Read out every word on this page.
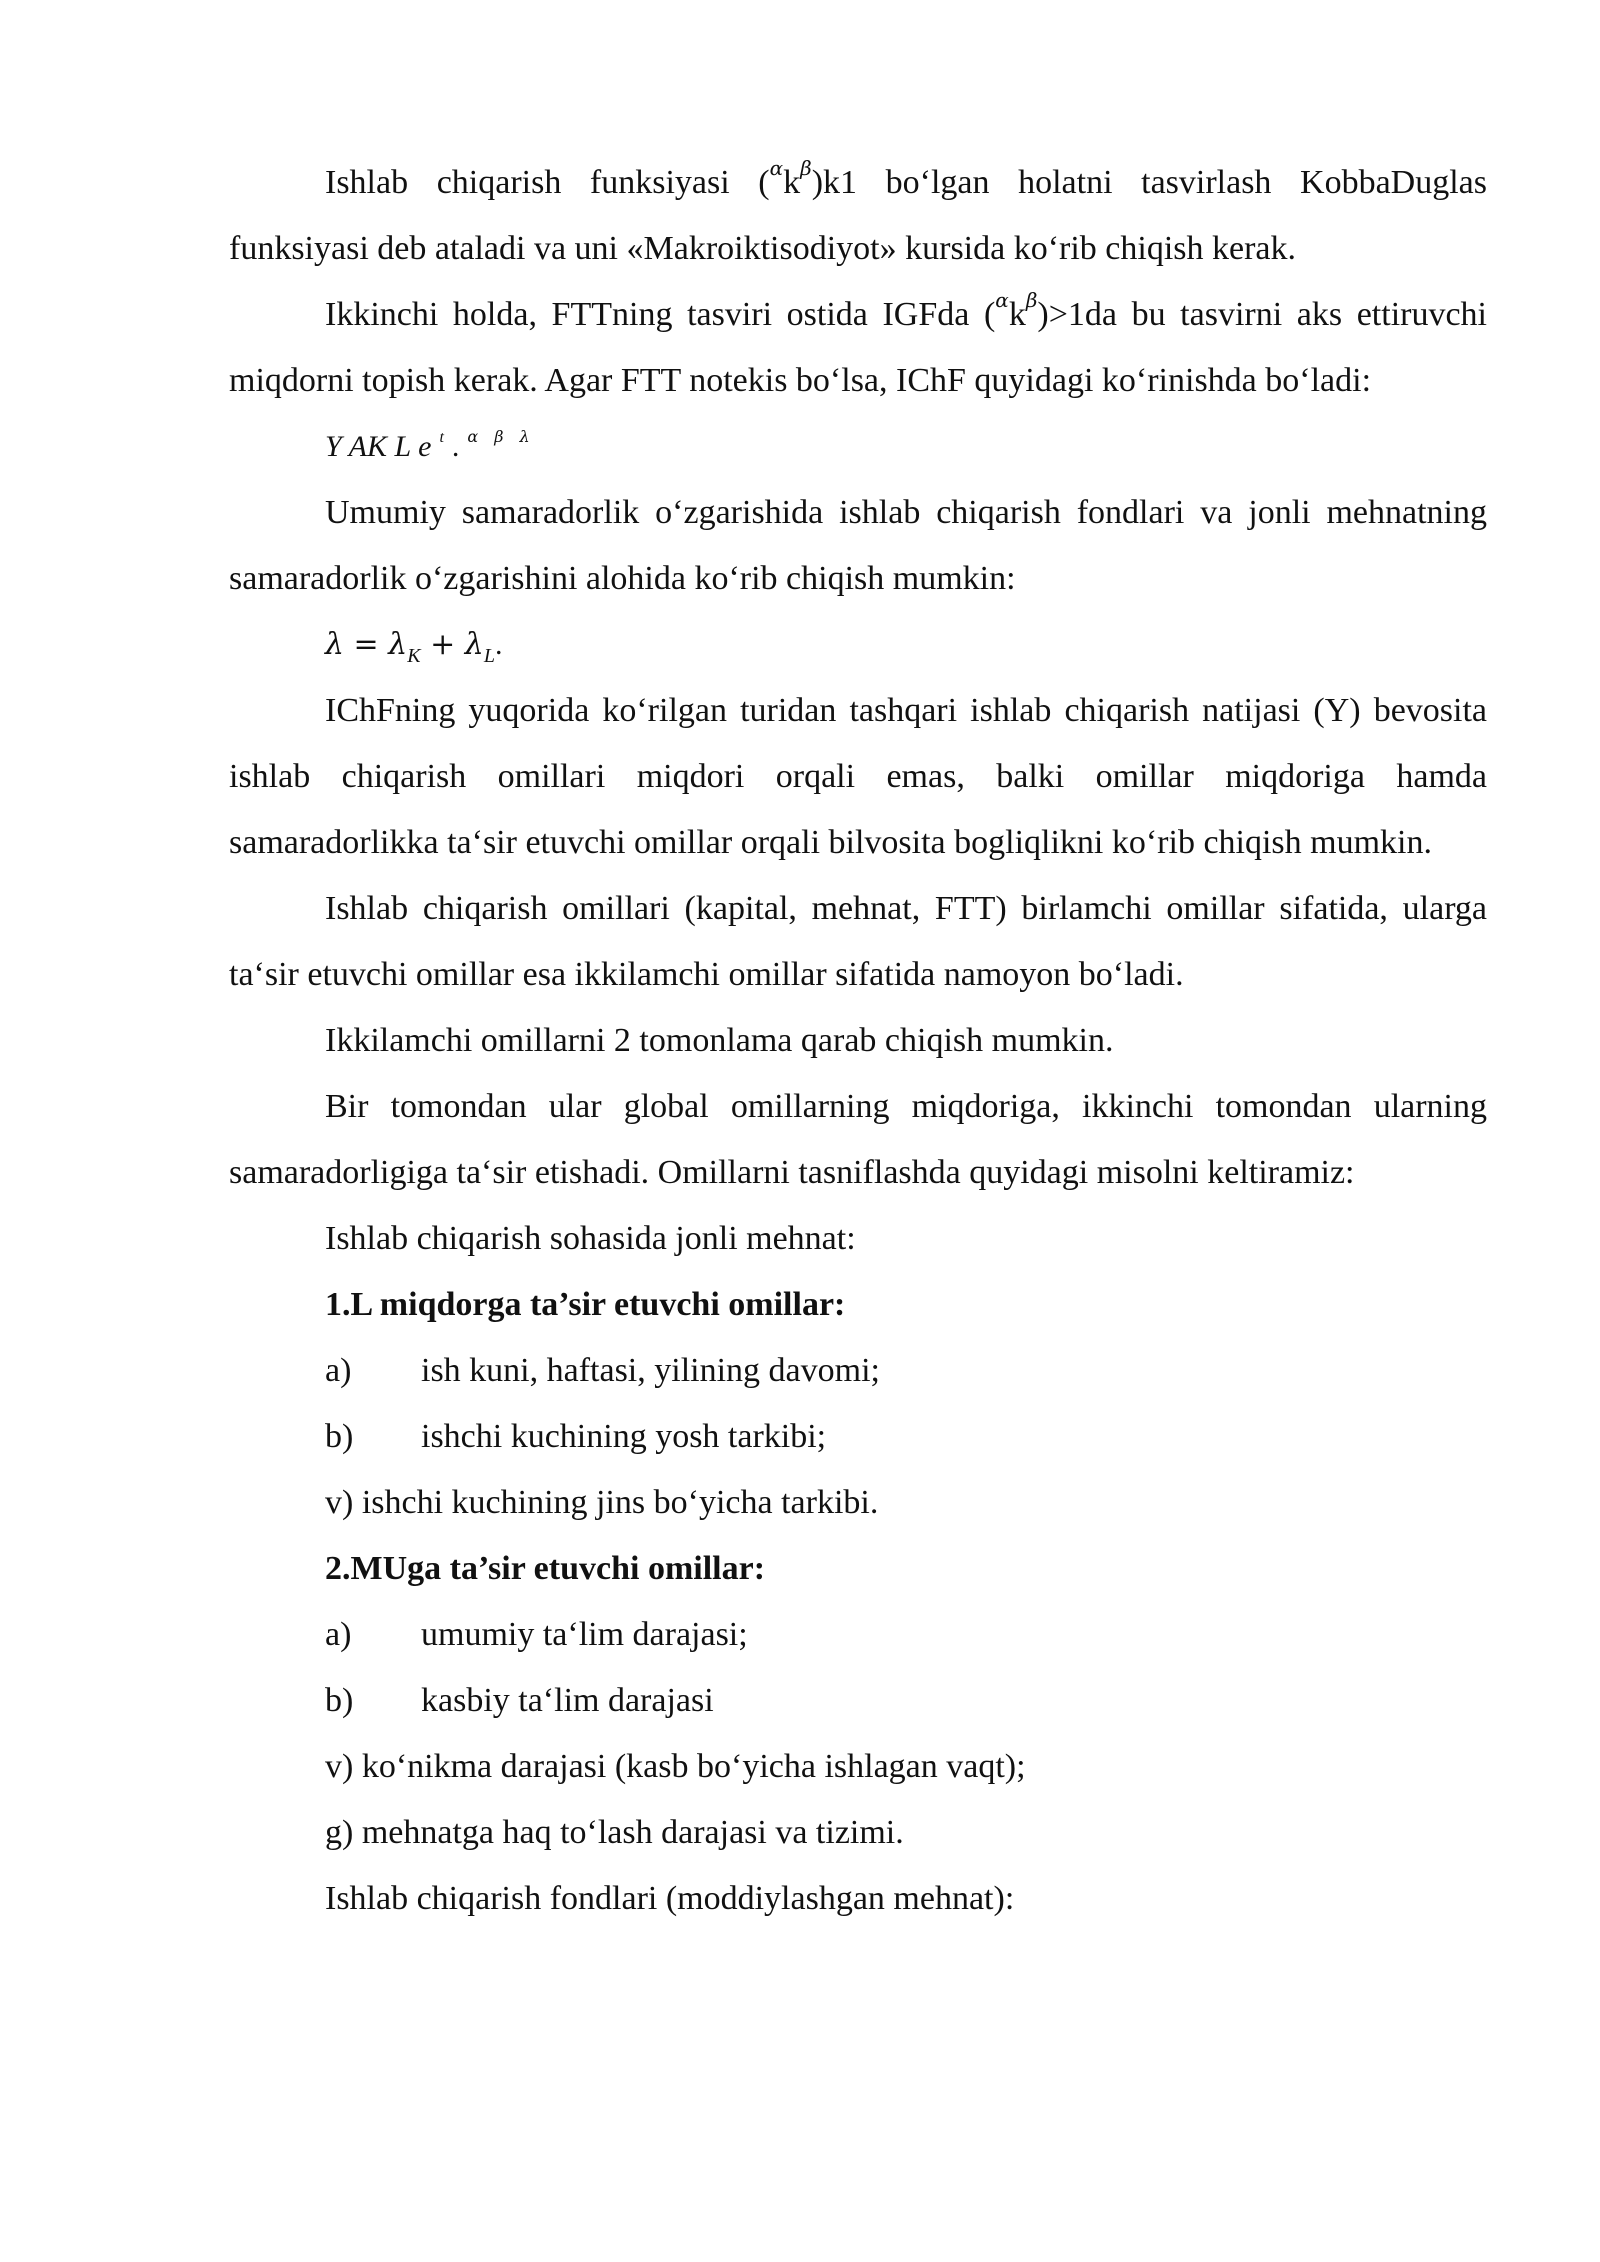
Ishlab chiqarish funksiyasi $(^\alpha k^\beta)k1$ bo‘lgan holatni tasvirlash KobbaDuglas funksiyasi deb ataladi va uni «Makroiktisodiyot» kursida ko‘rib chiqish kerak.

Ikkinchi holda, FTTning tasviri ostida IGFda $(^\alpha k^\beta)>1da$ bu tasvirni aks ettiruvchi miqdorni topish kerak. Agar FTT notekis bo‘lsa, IChF quyidagi ko‘rinishda bo‘ladi:

Y AK L e $^t$ . $^\alpha$ $^\beta$ $^\lambda$

Umumiy samaradorlik o‘zgarishida ishlab chiqarish fondlari va jonli mehnatning samaradorlik o‘zgarishini alohida ko‘rib chiqish mumkin:

$\lambda = \lambda_K + \lambda_L$.

IChFning yuqorida ko‘rilgan turidan tashqari ishlab chiqarish natijasi (Y) bevosita ishlab chiqarish omillari miqdori orqali emas, balki omillar miqdoriga hamda samaradorlikka ta‘sir etuvchi omillar orqali bilvosita bogliqlikni ko‘rib chiqish mumkin.

Ishlab chiqarish omillari (kapital, mehnat, FTT) birlamchi omillar sifatida, ularga ta‘sir etuvchi omillar esa ikkilamchi omillar sifatida namoyon bo‘ladi.

Ikkilamchi omillarni 2 tomonlama qarab chiqish mumkin.

Bir tomondan ular global omillarning miqdoriga, ikkinchi tomondan ularning samaradorligiga ta‘sir etishadi. Omillarni tasniflashda quyidagi misolni keltiramiz:

Ishlab chiqarish sohasida jonli mehnat:

1.L miqdorga ta’sir etuvchi omillar:

a)	ish kuni, haftasi, yilining davomi;
b)	ishchi kuchining yosh tarkibi;

v) ishchi kuchining jins bo‘yicha tarkibi.

2.MUga ta’sir etuvchi omillar:

a)	umumiy ta‘lim darajasi;
b)	kasbiy ta‘lim darajasi

v) ko‘nikma darajasi (kasb bo‘yicha ishlagan vaqt);

g) mehnatga haq to‘lash darajasi va tizimi.

Ishlab chiqarish fondlari (moddiylashgan mehnat):
